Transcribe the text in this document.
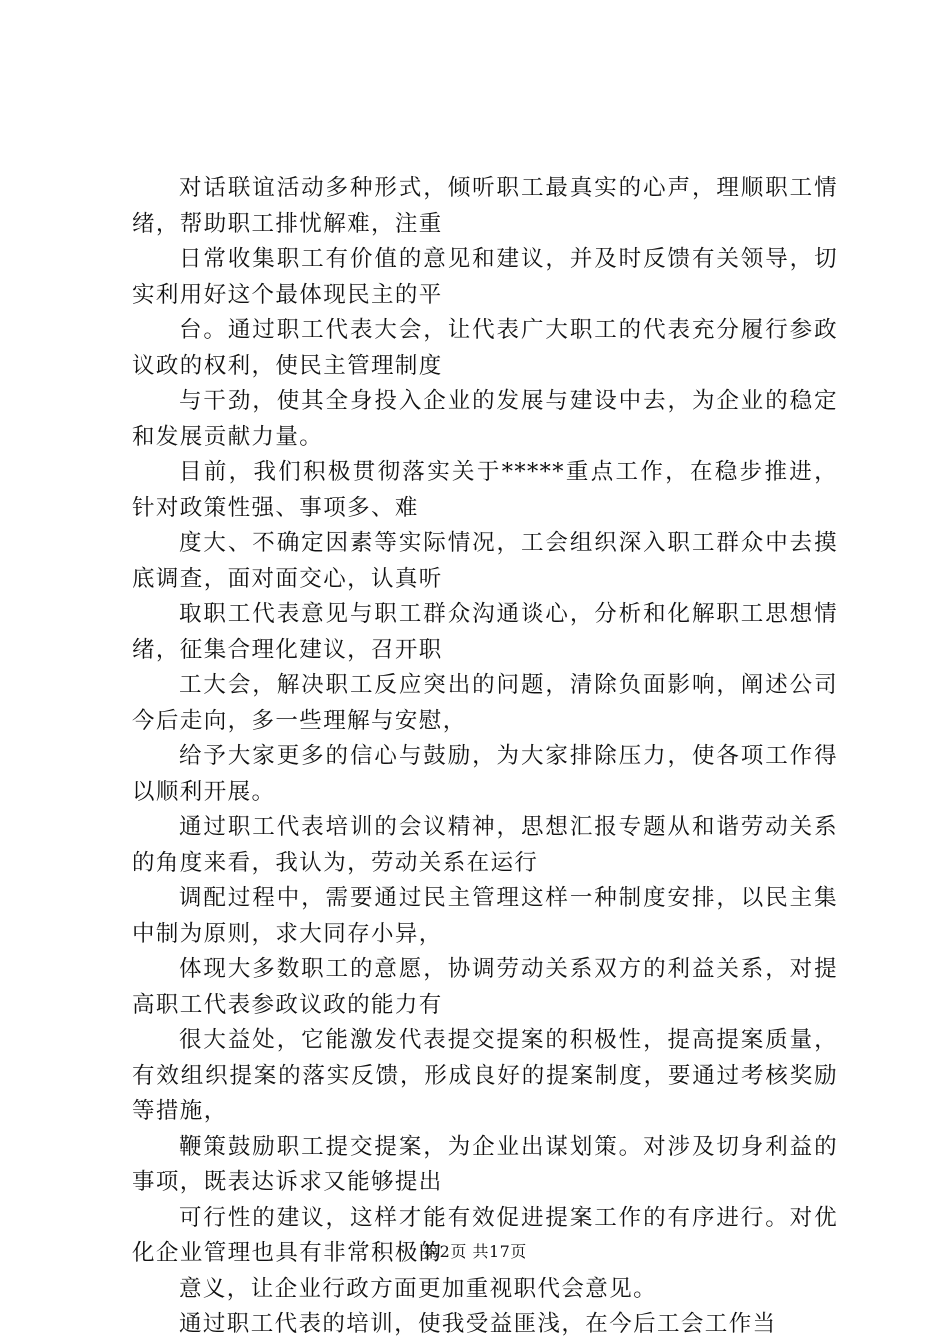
对话联谊活动多种形式，倾听职工最真实的心声，理顺职工情绪，帮助职工排忧解难，注重

日常收集职工有价值的意见和建议，并及时反馈有关领导，切实利用好这个最体现民主的平

台。通过职工代表大会，让代表广大职工的代表充分履行参政议政的权利，使民主管理制度

与干劲，使其全身投入企业的发展与建设中去，为企业的稳定和发展贡献力量。

目前，我们积极贯彻落实关于*****重点工作，在稳步推进，针对政策性强、事项多、难

度大、不确定因素等实际情况，工会组织深入职工群众中去摸底调查，面对面交心，认真听

取职工代表意见与职工群众沟通谈心，分析和化解职工思想情绪，征集合理化建议，召开职

工大会，解决职工反应突出的问题，清除负面影响，阐述公司今后走向，多一些理解与安慰，

给予大家更多的信心与鼓励，为大家排除压力，使各项工作得以顺利开展。

通过职工代表培训的会议精神，思想汇报专题从和谐劳动关系的角度来看，我认为，劳动关系在运行

调配过程中，需要通过民主管理这样一种制度安排，以民主集中制为原则，求大同存小异，

体现大多数职工的意愿，协调劳动关系双方的利益关系，对提高职工代表参政议政的能力有

很大益处，它能激发代表提交提案的积极性，提高提案质量，有效组织提案的落实反馈，形成良好的提案制度，要通过考核奖励等措施，

鞭策鼓励职工提交提案，为企业出谋划策。对涉及切身利益的事项，既表达诉求又能够提出

可行性的建议，这样才能有效促进提案工作的有序进行。对优化企业管理也具有非常积极的

意义，让企业行政方面更加重视职代会意见。

通过职工代表的培训，使我受益匪浅，在今后工会工作当

第2页 共17页
